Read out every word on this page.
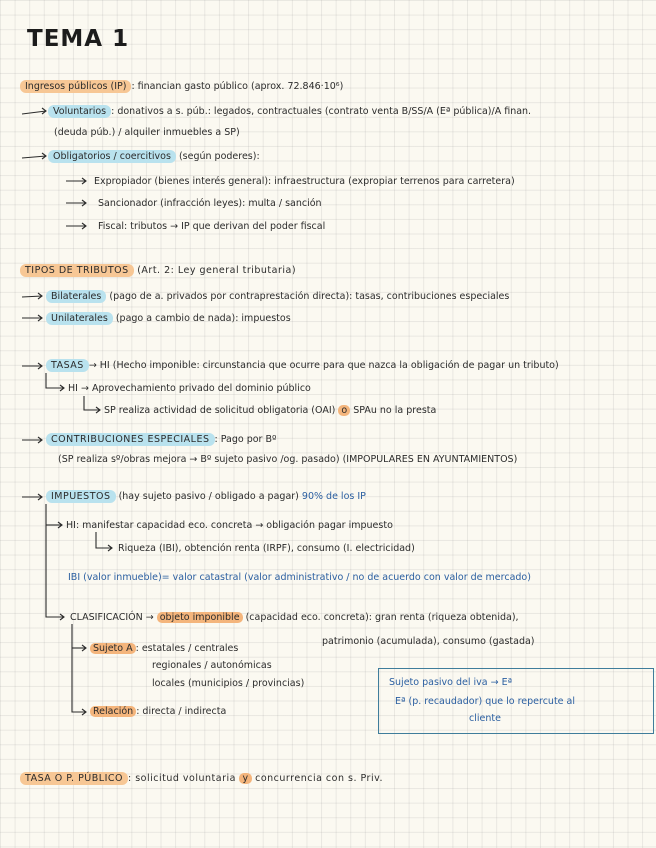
TEMA 1
Ingresos públicos (IP) : financian gasto público (aprox. 72.846·10⁶)
Voluntarios : donativos a s. púb.: legados, contractuales (contrato venta B/SS/A (Eª pública)/A finan.
(deuda púb.) / alquiler inmuebles a SP)
Obligatorios / coercitivos (según poderes):
Expropiador (bienes interés general): infraestructura (expropiar terrenos para carretera)
Sancionador (infracción leyes): multa / sanción
Fiscal: tributos → IP que derivan del poder fiscal
TIPOS DE TRIBUTOS (Art. 2: Ley general tributaria)
Bilaterales (pago de a. privados por contraprestación directa): tasas, contribuciones especiales
Unilaterales (pago a cambio de nada): impuestos
TASAS → HI (Hecho imponible: circunstancia que ocurre para que nazca la obligación de pagar un tributo)
HI → Aprovechamiento privado del dominio público
SP realiza actividad de solicitud obligatoria (OAI) o SPAu no la presta
CONTRIBUCIONES ESPECIALES : Pago por Bº
(SP realiza sº/obras mejora → Bº sujeto pasivo /og. pasado) (IMPOPULARES EN AYUNTAMIENTOS)
IMPUESTOS (hay sujeto pasivo / obligado a pagar) 90% de los IP
HI: manifestar capacidad eco. concreta → obligación pagar impuesto
Riqueza (IBI), obtención renta (IRPF), consumo (I. electricidad)
IBI (valor inmueble)= valor catastral (valor administrativo / no de acuerdo con valor de mercado)
CLASIFICACIÓN → objeto imponible (capacidad eco. concreta): gran renta (riqueza obtenida),
patrimonio (acumulada), consumo (gastada)
Sujeto A : estatales / centrales
regionales / autonómicas
locales (municipios / provincias)
Relación : directa / indirecta
Sujeto pasivo del iva → Eª
Eª (p. recaudador) que lo repercute al
cliente
TASA O P. PÚBLICO : solicitud voluntaria y concurrencia con s. Priv.
